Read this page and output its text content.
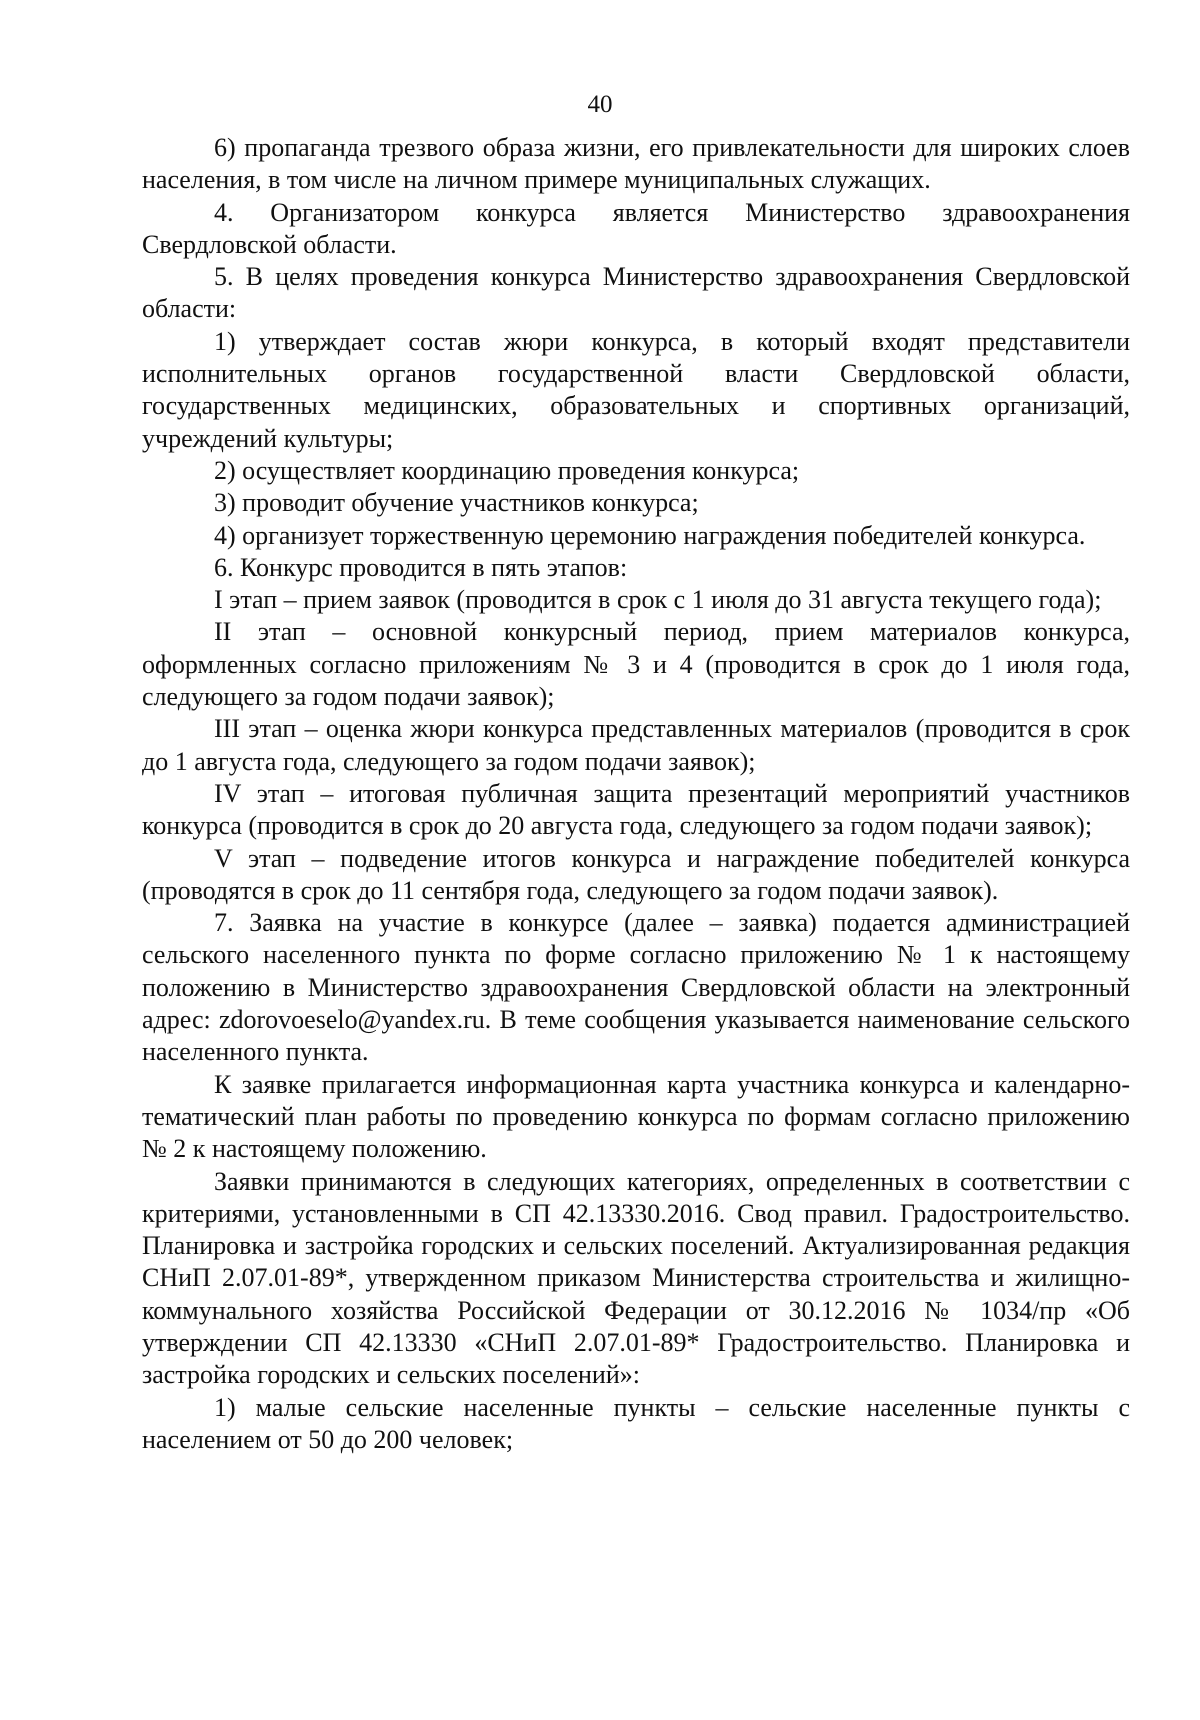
40

6) пропаганда трезвого образа жизни, его привлекательности для широких слоев населения, в том числе на личном примере муниципальных служащих.

4. Организатором конкурса является Министерство здравоохранения Свердловской области.

5. В целях проведения конкурса Министерство здравоохранения Свердловской области:

1) утверждает состав жюри конкурса, в который входят представители исполнительных органов государственной власти Свердловской области, государственных медицинских, образовательных и спортивных организаций, учреждений культуры;

2) осуществляет координацию проведения конкурса;

3) проводит обучение участников конкурса;

4) организует торжественную церемонию награждения победителей конкурса.

6. Конкурс проводится в пять этапов:

I этап – прием заявок (проводится в срок с 1 июля до 31 августа текущего года);

II этап – основной конкурсный период, прием материалов конкурса, оформленных согласно приложениям № 3 и 4 (проводится в срок до 1 июля года, следующего за годом подачи заявок);

III этап – оценка жюри конкурса представленных материалов (проводится в срок до 1 августа года, следующего за годом подачи заявок);

IV этап – итоговая публичная защита презентаций мероприятий участников конкурса (проводится в срок до 20 августа года, следующего за годом подачи заявок);

V этап – подведение итогов конкурса и награждение победителей конкурса (проводятся в срок до 11 сентября года, следующего за годом подачи заявок).

7. Заявка на участие в конкурсе (далее – заявка) подается администрацией сельского населенного пункта по форме согласно приложению № 1 к настоящему положению в Министерство здравоохранения Свердловской области на электронный адрес: zdorovoeselo@yandex.ru. В теме сообщения указывается наименование сельского населенного пункта.

К заявке прилагается информационная карта участника конкурса и календарно-тематический план работы по проведению конкурса по формам согласно приложению № 2 к настоящему положению.

Заявки принимаются в следующих категориях, определенных в соответствии с критериями, установленными в СП 42.13330.2016. Свод правил. Градостроительство. Планировка и застройка городских и сельских поселений. Актуализированная редакция СНиП 2.07.01-89*, утвержденном приказом Министерства строительства и жилищно-коммунального хозяйства Российской Федерации от 30.12.2016 № 1034/пр «Об утверждении СП 42.13330 «СНиП 2.07.01-89* Градостроительство. Планировка и застройка городских и сельских поселений»:

1) малые сельские населенные пункты – сельские населенные пункты с населением от 50 до 200 человек;
